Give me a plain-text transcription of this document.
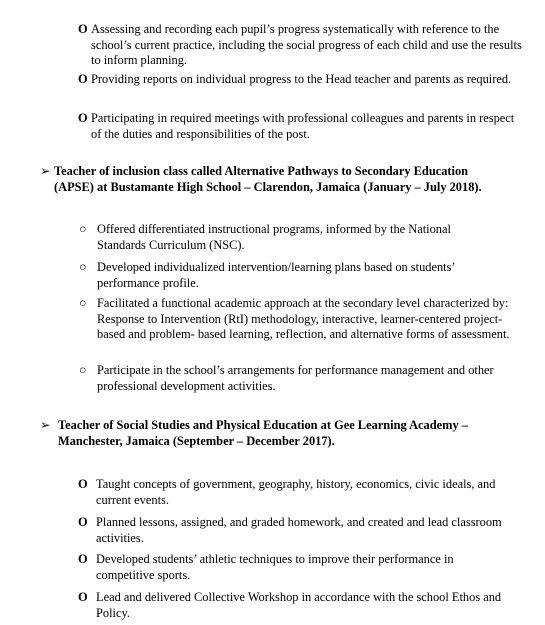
O Assessing and recording each pupil’s progress systematically with reference to the school’s current practice, including the social progress of each child and use the results to inform planning.
O Providing reports on individual progress to the Head teacher and parents as required.
O Participating in required meetings with professional colleagues and parents in respect of the duties and responsibilities of the post.
➢ Teacher of inclusion class called Alternative Pathways to Secondary Education (APSE) at Bustamante High School – Clarendon, Jamaica (January – July 2018).
○ Offered differentiated instructional programs, informed by the National Standards Curriculum (NSC).
○ Developed individualized intervention/learning plans based on students’ performance profile.
○ Facilitated a functional academic approach at the secondary level characterized by: Response to Intervention (RtI) methodology, interactive, learner-centered project-based and problem- based learning, reflection, and alternative forms of assessment.
○ Participate in the school’s arrangements for performance management and other professional development activities.
➢ Teacher of Social Studies and Physical Education at Gee Learning Academy – Manchester, Jamaica (September – December 2017).
O Taught concepts of government, geography, history, economics, civic ideals, and current events.
O Planned lessons, assigned, and graded homework, and created and lead classroom activities.
O Developed students’ athletic techniques to improve their performance in competitive sports.
O Lead and delivered Collective Workshop in accordance with the school Ethos and Policy.
